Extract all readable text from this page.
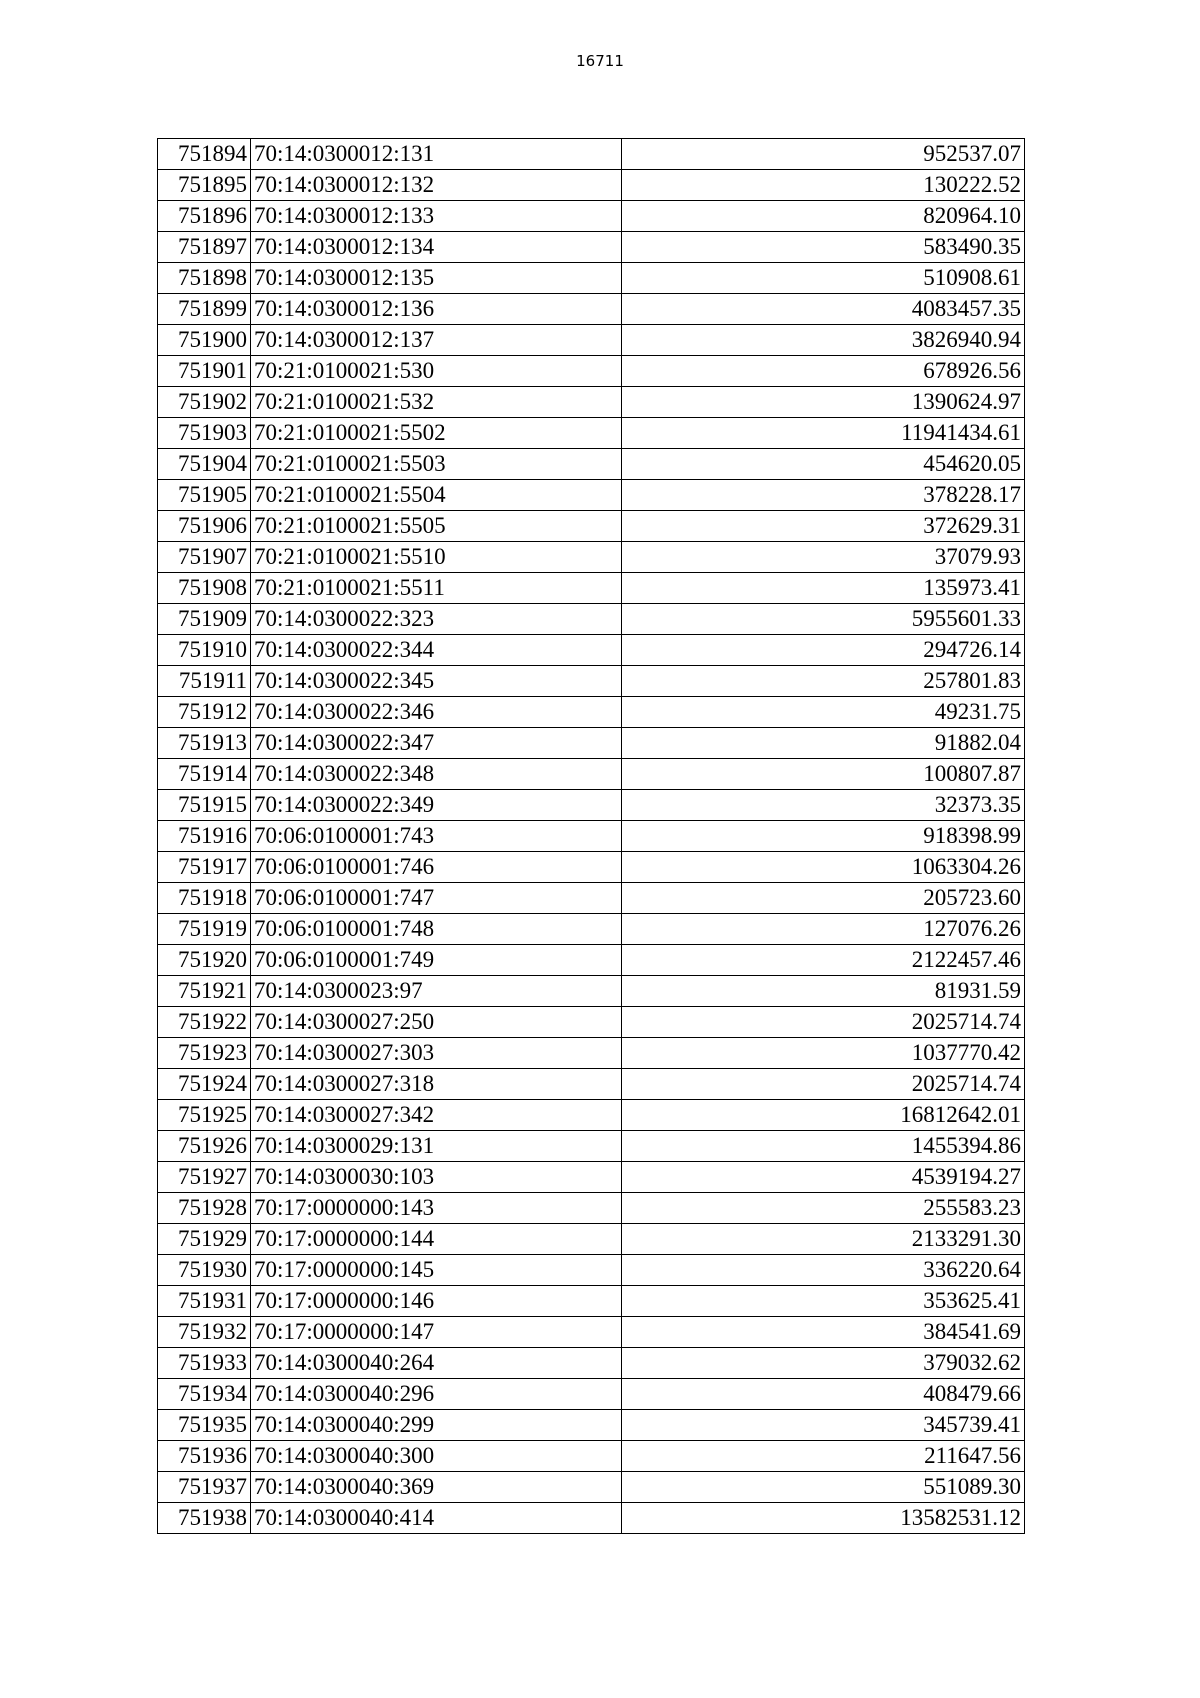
16711
751894	70:14:0300012:131	952537.07
751895	70:14:0300012:132	130222.52
751896	70:14:0300012:133	820964.10
751897	70:14:0300012:134	583490.35
751898	70:14:0300012:135	510908.61
751899	70:14:0300012:136	4083457.35
751900	70:14:0300012:137	3826940.94
751901	70:21:0100021:530	678926.56
751902	70:21:0100021:532	1390624.97
751903	70:21:0100021:5502	11941434.61
751904	70:21:0100021:5503	454620.05
751905	70:21:0100021:5504	378228.17
751906	70:21:0100021:5505	372629.31
751907	70:21:0100021:5510	37079.93
751908	70:21:0100021:5511	135973.41
751909	70:14:0300022:323	5955601.33
751910	70:14:0300022:344	294726.14
751911	70:14:0300022:345	257801.83
751912	70:14:0300022:346	49231.75
751913	70:14:0300022:347	91882.04
751914	70:14:0300022:348	100807.87
751915	70:14:0300022:349	32373.35
751916	70:06:0100001:743	918398.99
751917	70:06:0100001:746	1063304.26
751918	70:06:0100001:747	205723.60
751919	70:06:0100001:748	127076.26
751920	70:06:0100001:749	2122457.46
751921	70:14:0300023:97	81931.59
751922	70:14:0300027:250	2025714.74
751923	70:14:0300027:303	1037770.42
751924	70:14:0300027:318	2025714.74
751925	70:14:0300027:342	16812642.01
751926	70:14:0300029:131	1455394.86
751927	70:14:0300030:103	4539194.27
751928	70:17:0000000:143	255583.23
751929	70:17:0000000:144	2133291.30
751930	70:17:0000000:145	336220.64
751931	70:17:0000000:146	353625.41
751932	70:17:0000000:147	384541.69
751933	70:14:0300040:264	379032.62
751934	70:14:0300040:296	408479.66
751935	70:14:0300040:299	345739.41
751936	70:14:0300040:300	211647.56
751937	70:14:0300040:369	551089.30
751938	70:14:0300040:414	13582531.12
